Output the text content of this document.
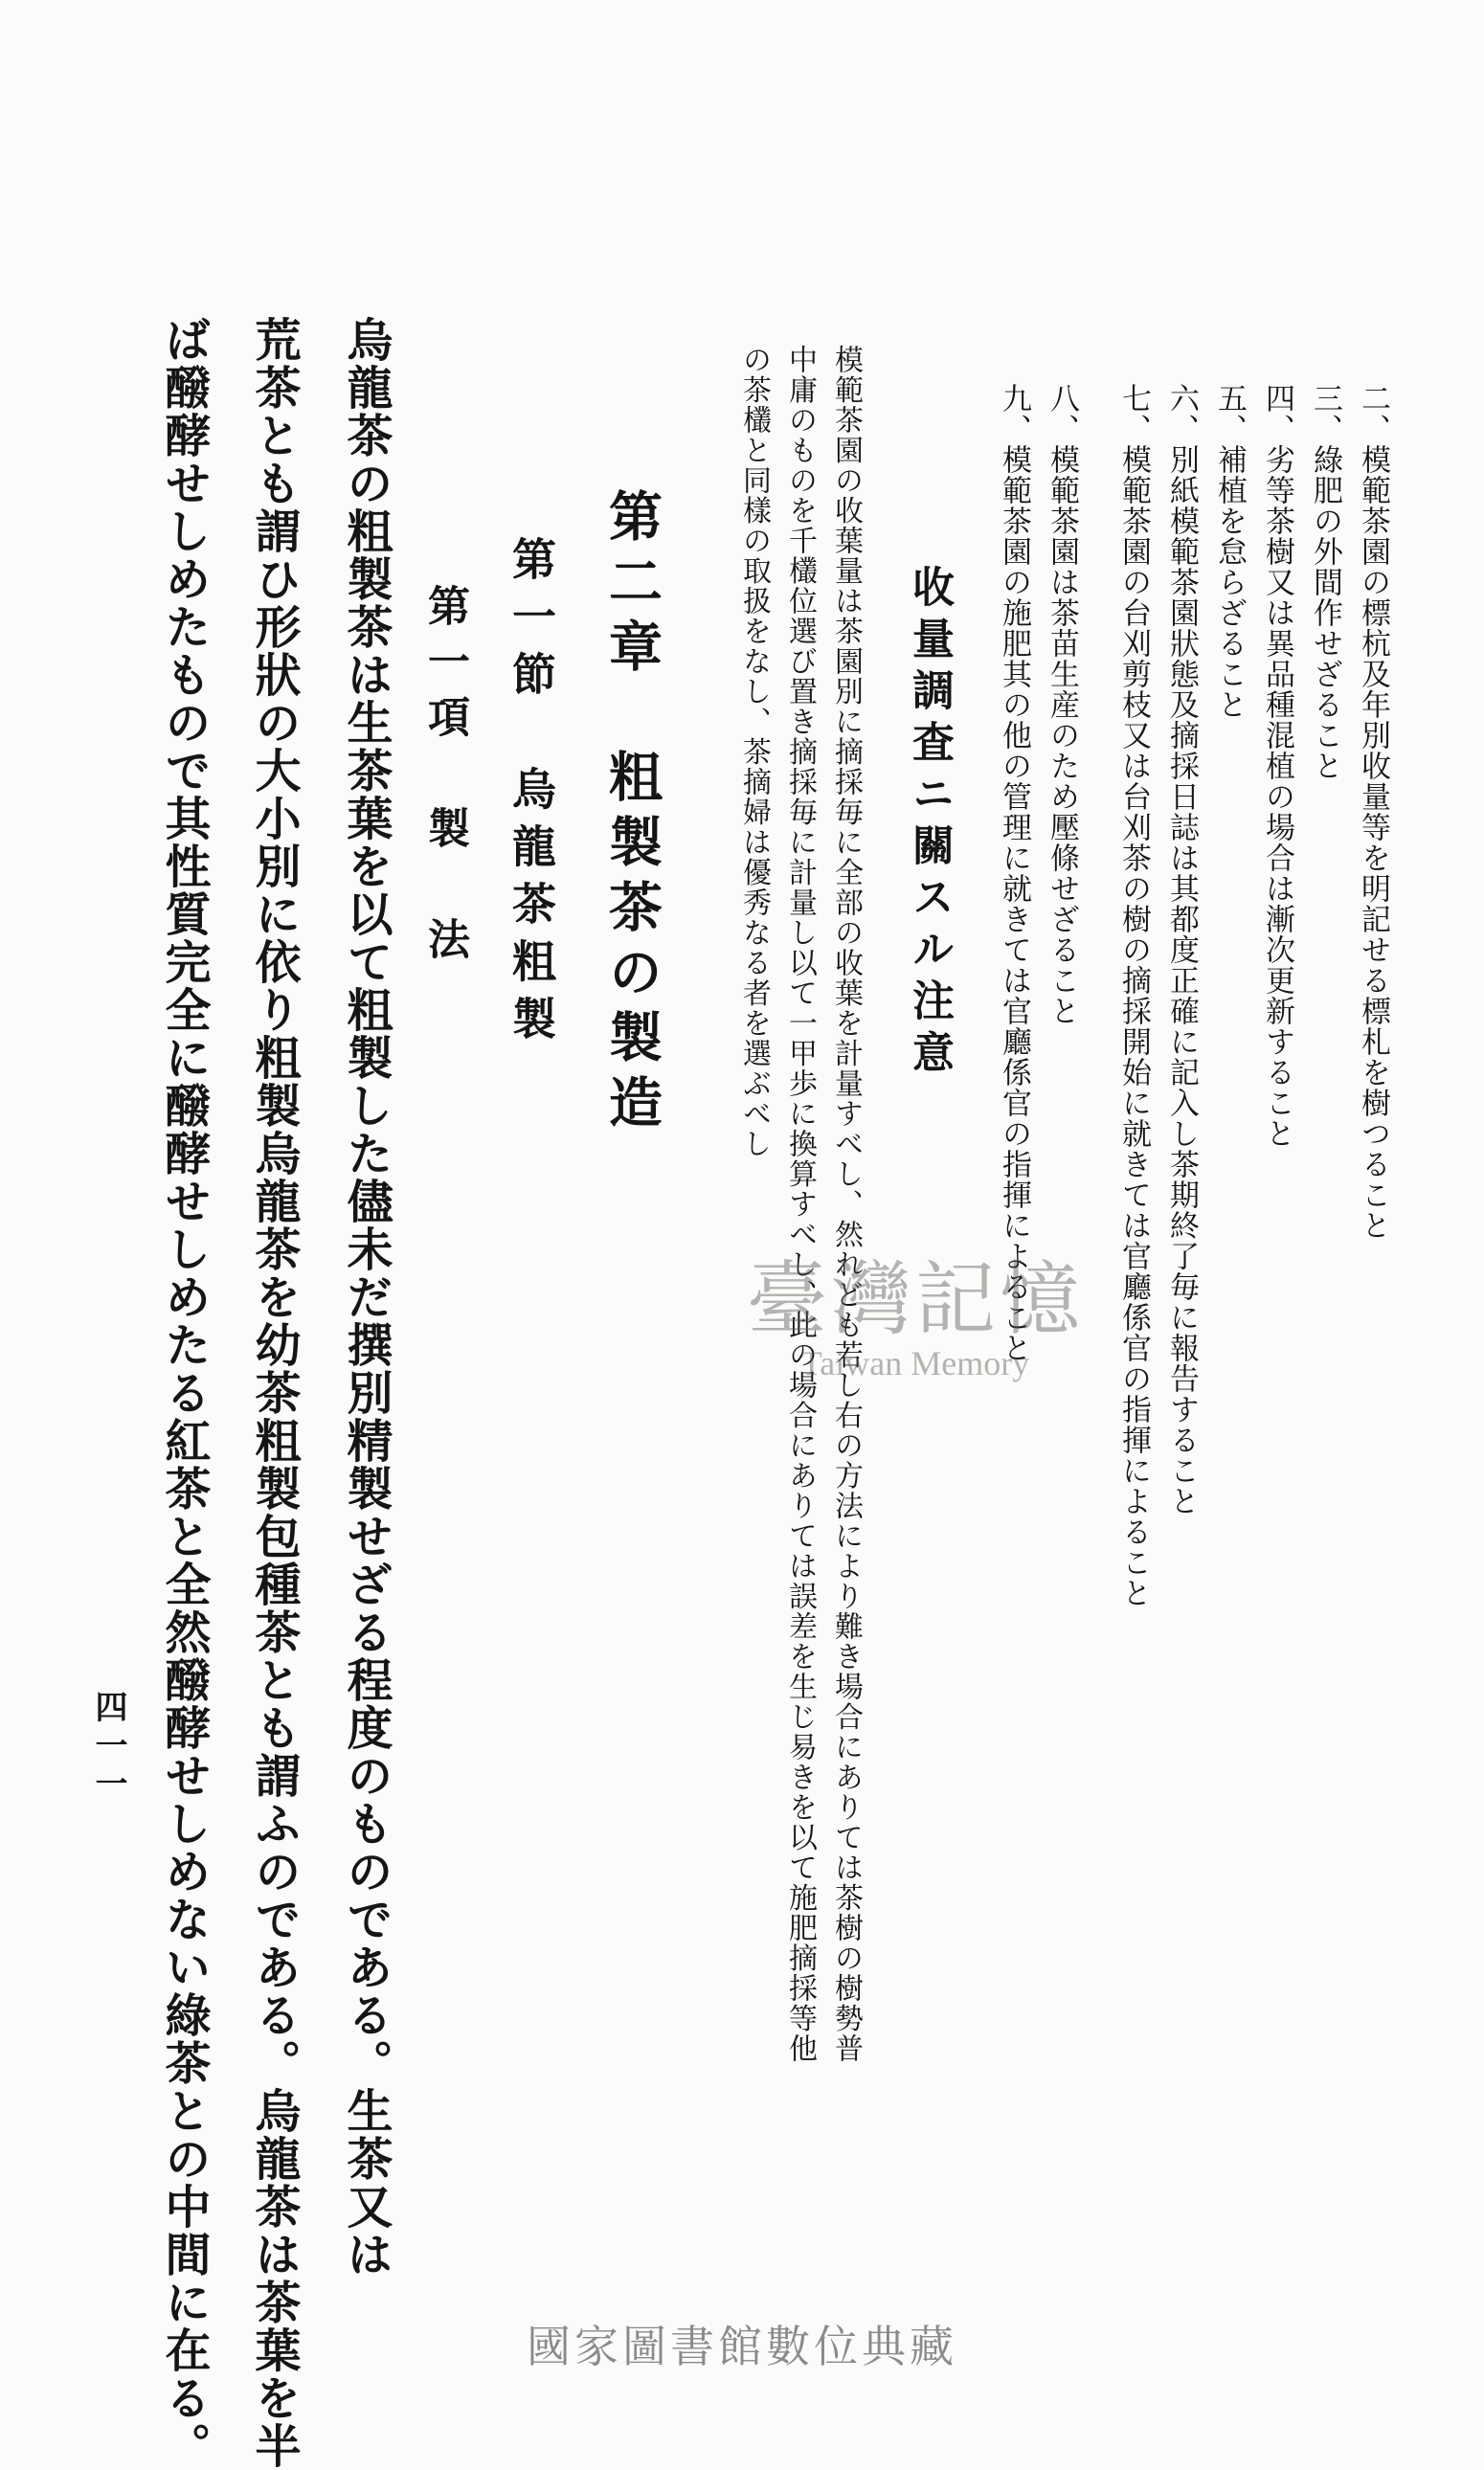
二、模範茶園の標杭及年別收量等を明記せる標札を樹つること
三、綠肥の外間作せざること
四、劣等茶樹又は異品種混植の場合は漸次更新すること
五、補植を怠らざること
六、別紙模範茶園狀態及摘採日誌は其都度正確に記入し茶期終了毎に報告すること
七、模範茶園の台刈剪枝又は台刈茶の樹の摘採開始に就きては官廳係官の指揮によること
八、模範茶園は茶苗生産のため壓條せざること
九、模範茶園の施肥其の他の管理に就きては官廳係官の指揮によること
收量調査ニ關スル注意
模範茶園の收葉量は茶園別に摘採毎に全部の收葉を計量すべし、然れども若し右の方法により難き場合にありては茶樹の樹勢普
中庸のものを千欉位選び置き摘採毎に計量し以て一甲歩に換算すべし、此の場合にありては誤差を生じ易きを以て施肥摘採等他
の茶欉と同樣の取扱をなし、茶摘婦は優秀なる者を選ぶべし
第二章　粗製茶の製造
第一節　烏龍茶粗製
第一項　製　法
烏龍茶の粗製茶は生茶葉を以て粗製した儘未だ撰別精製せざる程度のものである。生茶又は
荒茶とも謂ひ形狀の大小別に依り粗製烏龍茶を幼茶粗製包種茶とも謂ふのである。烏龍茶は茶葉を半
ば醱酵せしめたもので其性質完全に醱酵せしめたる紅茶と全然醱酵せしめない綠茶との中間に在る。
四一一
臺灣記憶
Taiwan Memory
國家圖書館數位典藏
